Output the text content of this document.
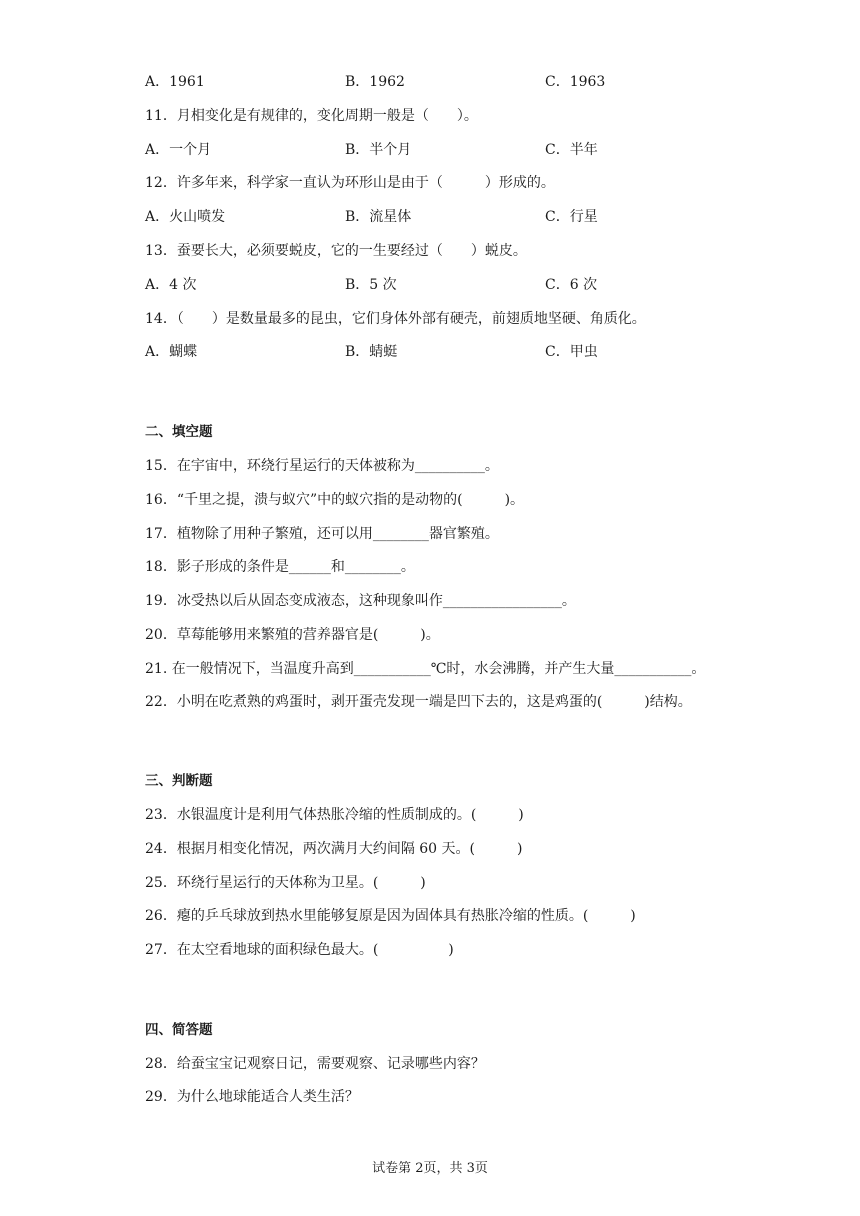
A．1961	B．1962	C．1963
11．月相变化是有规律的，变化周期一般是（　　）。
A．一个月	B．半个月	C．半年
12．许多年来，科学家一直认为环形山是由于（　　　）形成的。
A．火山喷发	B．流星体	C．行星
13．蚕要长大，必须要蜕皮，它的一生要经过（　　）蜕皮。
A．4 次	B．5 次	C．6 次
14．（　　）是数量最多的昆虫，它们身体外部有硬壳，前翅质地坚硬、角质化。
A．蝴蝶	B．蜻蜓	C．甲虫
二、填空题
15．在宇宙中，环绕行星运行的天体被称为__________。
16．“千里之提，溃与蚁穴”中的蚁穴指的是动物的(　　　)。
17．植物除了用种子繁殖，还可以用________器官繁殖。
18．影子形成的条件是______和________。
19．冰受热以后从固态变成液态，这种现象叫作_________________。
20．草莓能够用来繁殖的营养器官是(　　　)。
21. 在一般情况下，当温度升高到___________℃时，水会沸腾，并产生大量___________。
22．小明在吃煮熟的鸡蛋时，剥开蛋壳发现一端是凹下去的，这是鸡蛋的(　　　)结构。
三、判断题
23．水银温度计是利用气体热胀冷缩的性质制成的。(　　　)
24．根据月相变化情况，两次满月大约间隔 60 天。(　　　)
25．环绕行星运行的天体称为卫星。(　　　)
26．瘪的乒乓球放到热水里能够复原是因为固体具有热胀冷缩的性质。(　　　)
27．在太空看地球的面积绿色最大。(　　　　　)
四、简答题
28．给蚕宝宝记观察日记，需要观察、记录哪些内容？
29．为什么地球能适合人类生活？
试卷第 2页，共 3页
